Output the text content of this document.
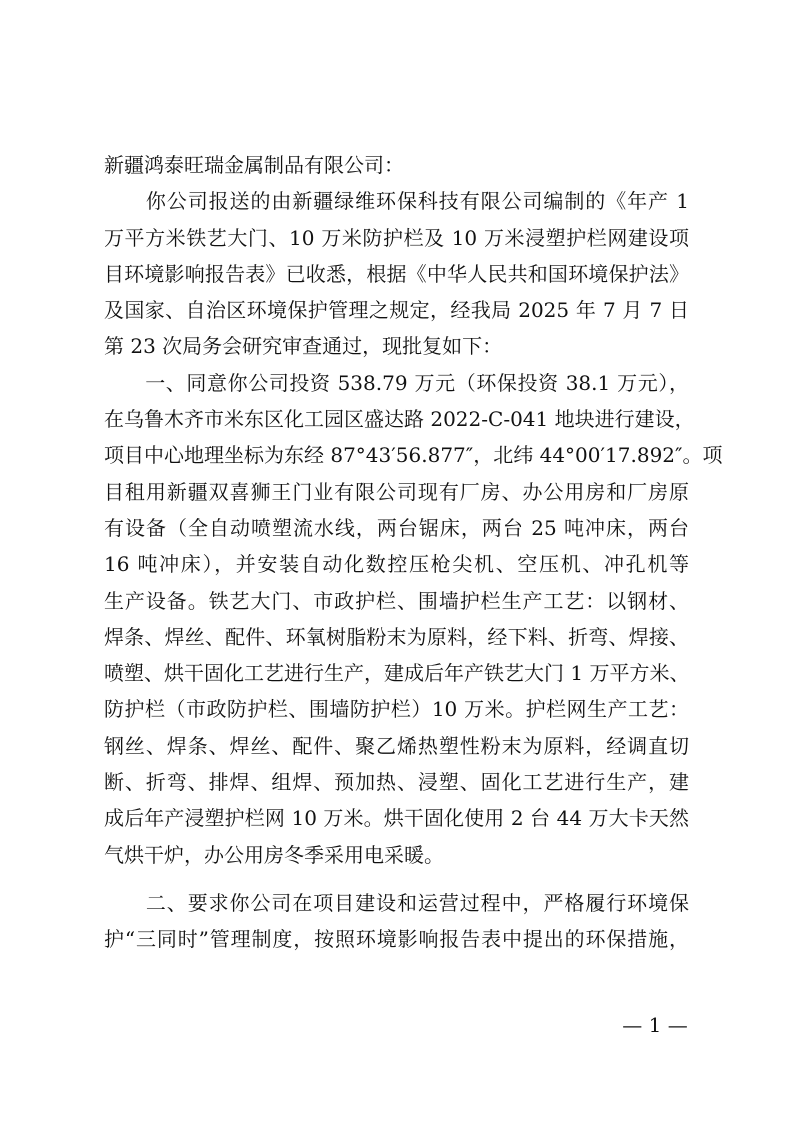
新疆鸿泰旺瑞金属制品有限公司：
　　你公司报送的由新疆绿维环保科技有限公司编制的《年产 1
万平方米铁艺大门、10 万米防护栏及 10 万米浸塑护栏网建设项
目环境影响报告表》已收悉，根据《中华人民共和国环境保护法》
及国家、自治区环境保护管理之规定，经我局 2025 年 7 月 7 日
第 23 次局务会研究审查通过，现批复如下：
　　一、同意你公司投资 538.79 万元（环保投资 38.1 万元），
在乌鲁木齐市米东区化工园区盛达路 2022-C-041 地块进行建设，
项目中心地理坐标为东经 87°43′56.877″，北纬 44°00′17.892″。项
目租用新疆双喜狮王门业有限公司现有厂房、办公用房和厂房原
有设备（全自动喷塑流水线，两台锯床，两台 25 吨冲床，两台
16 吨冲床），并安装自动化数控压枪尖机、空压机、冲孔机等
生产设备。铁艺大门、市政护栏、围墙护栏生产工艺：以钢材、
焊条、焊丝、配件、环氧树脂粉末为原料，经下料、折弯、焊接、
喷塑、烘干固化工艺进行生产，建成后年产铁艺大门 1 万平方米、
防护栏（市政防护栏、围墙防护栏）10 万米。护栏网生产工艺：
钢丝、焊条、焊丝、配件、聚乙烯热塑性粉末为原料，经调直切
断、折弯、排焊、组焊、预加热、浸塑、固化工艺进行生产，建
成后年产浸塑护栏网 10 万米。烘干固化使用 2 台 44 万大卡天然
气烘干炉，办公用房冬季采用电采暖。
　　二、要求你公司在项目建设和运营过程中，严格履行环境保
护“三同时”管理制度，按照环境影响报告表中提出的环保措施，
— 1 —
